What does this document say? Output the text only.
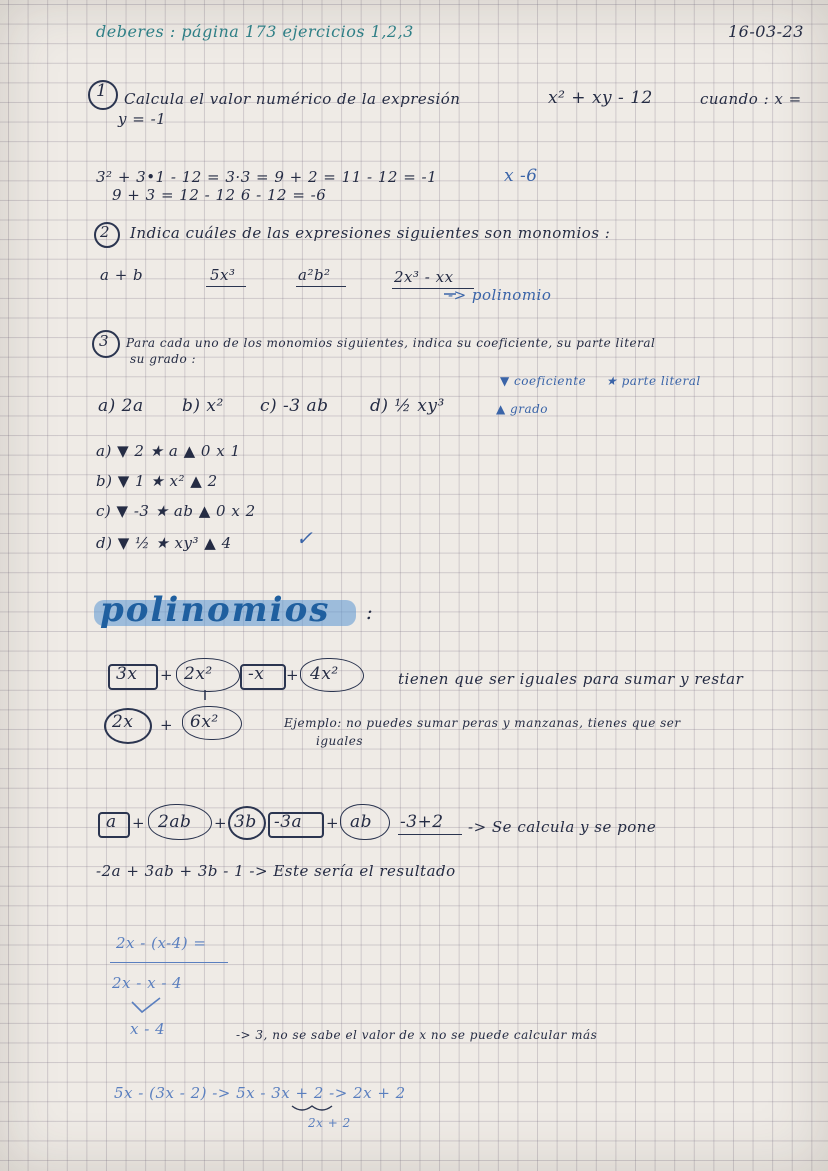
deberes : página 173 ejercicios 1,2,3	16-03-23
1 Calcula el valor numérico de la expresión	x² + xy - 12	cuando : x =
y = -1
3² + 3•1 - 12 = 3·3 = 9 + 2 = 11 - 12 = -1	x -6
9 + 3 = 12 - 12 6 - 12 = -6
2 Indica cuáles de las expresiones siguientes son monomios :
a + b	5x³	a²b²	2x³ - xx
-> polinomio
3 Para cada uno de los monomios siguientes, indica su coeficiente, su parte literal
su grado :
a) 2a b) x² c) -3 ab d) ½ xy³
▼ coeficiente ★ parte literal
▲ grado
a) ▼ 2 ★ a ▲ 0 x 1
b) ▼ 1 ★ x² ▲ 2
c) ▼ -3 ★ ab ▲ 0 x 2
d) ▼ ½ ★ xy³ ▲ 4	✓
polinomios :
3x + 2x² -x + 4x²	tienen que ser iguales para sumar y restar
2x + 6x²	Ejemplo: no puedes sumar peras y manzanas, tienes que ser
iguales
a + 2ab + 3b -3a + ab -3+2 -> Se calcula y se pone
-2a + 3ab + 3b - 1 -> Este sería el resultado
2x - (x-4) =
2x - x - 4
x - 4	-> 3, no se sabe el valor de x no se puede calcular más
5x - (3x - 2) -> 5x - 3x + 2 -> 2x + 2
2x + 2
